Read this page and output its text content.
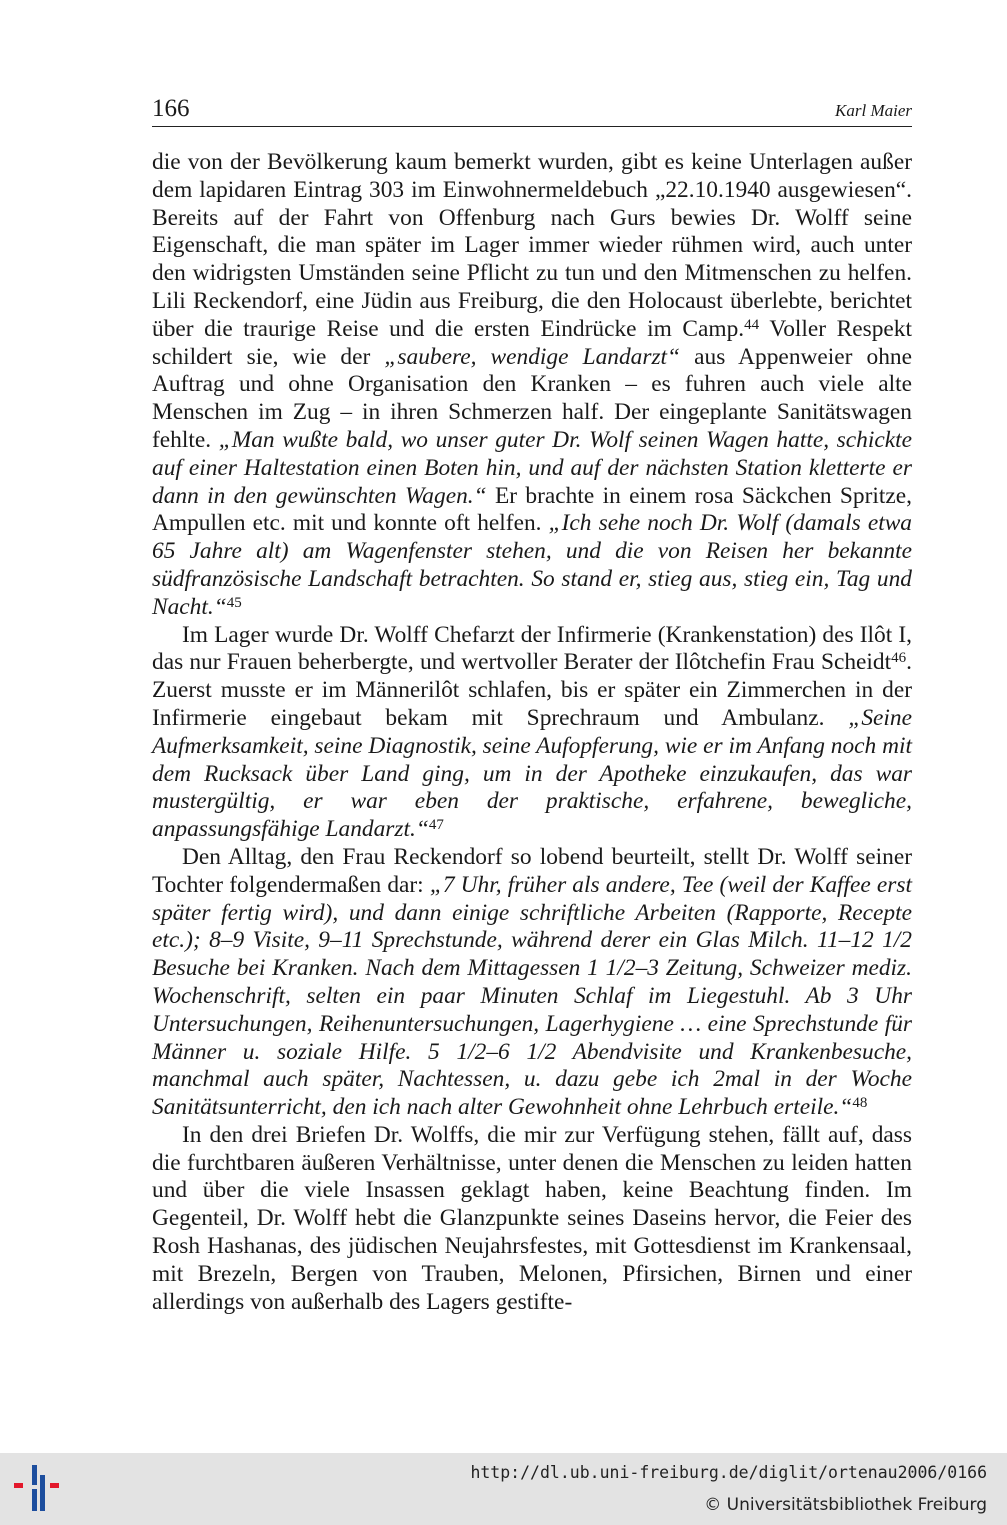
166	Karl Maier

die von der Bevölkerung kaum bemerkt wurden, gibt es keine Unterlagen außer dem lapidaren Eintrag 303 im Einwohnermeldebuch „22.10.1940 ausgewiesen“. Bereits auf der Fahrt von Offenburg nach Gurs bewies Dr. Wolff seine Eigenschaft, die man später im Lager immer wieder rühmen wird, auch unter den widrigsten Umständen seine Pflicht zu tun und den Mitmenschen zu helfen. Lili Reckendorf, eine Jüdin aus Freiburg, die den Holocaust überlebte, berichtet über die traurige Reise und die ersten Eindrücke im Camp.$^{44}$ Voller Respekt schildert sie, wie der „saubere, wendige Landarzt“ aus Appenweier ohne Auftrag und ohne Organisation den Kranken – es fuhren auch viele alte Menschen im Zug – in ihren Schmerzen half. Der eingeplante Sanitätswagen fehlte. „Man wußte bald, wo unser guter Dr. Wolf seinen Wagen hatte, schickte auf einer Haltestation einen Boten hin, und auf der nächsten Station kletterte er dann in den gewünschten Wagen.“ Er brachte in einem rosa Säckchen Spritze, Ampullen etc. mit und konnte oft helfen. „Ich sehe noch Dr. Wolf (damals etwa 65 Jahre alt) am Wagenfenster stehen, und die von Reisen her bekannte südfranzösische Landschaft betrachten. So stand er, stieg aus, stieg ein, Tag und Nacht.“$^{45}$

Im Lager wurde Dr. Wolff Chefarzt der Infirmerie (Krankenstation) des Ilôt I, das nur Frauen beherbergte, und wertvoller Berater der Ilôtchefin Frau Scheidt$^{46}$. Zuerst musste er im Männerilôt schlafen, bis er später ein Zimmerchen in der Infirmerie eingebaut bekam mit Sprechraum und Ambulanz. „Seine Aufmerksamkeit, seine Diagnostik, seine Aufopferung, wie er im Anfang noch mit dem Rucksack über Land ging, um in der Apotheke einzukaufen, das war mustergültig, er war eben der praktische, erfahrene, bewegliche, anpassungsfähige Landarzt.“$^{47}$

Den Alltag, den Frau Reckendorf so lobend beurteilt, stellt Dr. Wolff seiner Tochter folgendermaßen dar: „7 Uhr, früher als andere, Tee (weil der Kaffee erst später fertig wird), und dann einige schriftliche Arbeiten (Rapporte, Recepte etc.); 8–9 Visite, 9–11 Sprechstunde, während derer ein Glas Milch. 11–12 1/2 Besuche bei Kranken. Nach dem Mittagessen 1 1/2–3 Zeitung, Schweizer mediz. Wochenschrift, selten ein paar Minuten Schlaf im Liegestuhl. Ab 3 Uhr Untersuchungen, Reihenuntersuchungen, Lagerhygiene … eine Sprechstunde für Männer u. soziale Hilfe. 5 1/2–6 1/2 Abendvisite und Krankenbesuche, manchmal auch später, Nachtessen, u. dazu gebe ich 2mal in der Woche Sanitätsunterricht, den ich nach alter Gewohnheit ohne Lehrbuch erteile.“$^{48}$

In den drei Briefen Dr. Wolffs, die mir zur Verfügung stehen, fällt auf, dass die furchtbaren äußeren Verhältnisse, unter denen die Menschen zu leiden hatten und über die viele Insassen geklagt haben, keine Beachtung finden. Im Gegenteil, Dr. Wolff hebt die Glanzpunkte seines Daseins hervor, die Feier des Rosh Hashanas, des jüdischen Neujahrsfestes, mit Gottesdienst im Krankensaal, mit Brezeln, Bergen von Trauben, Melonen, Pfirsichen, Birnen und einer allerdings von außerhalb des Lagers gestifte-

http://dl.ub.uni-freiburg.de/diglit/ortenau2006/0166
© Universitätsbibliothek Freiburg
